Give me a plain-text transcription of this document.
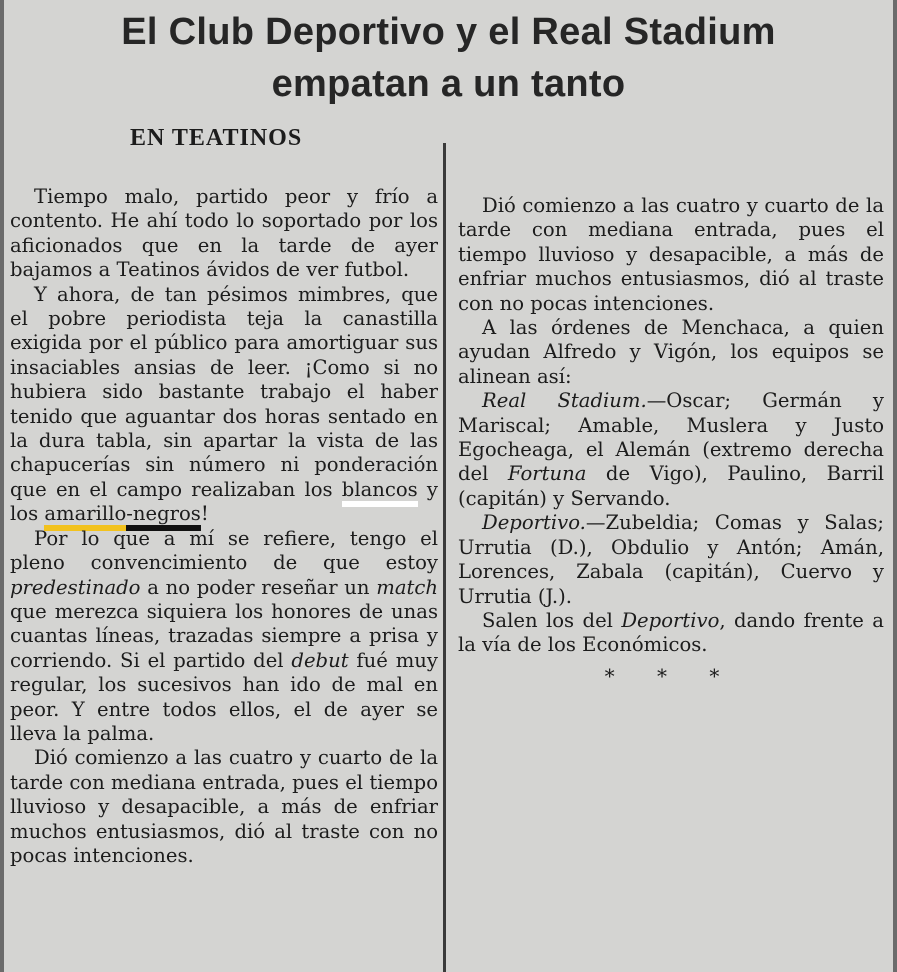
El Club Deportivo y el Real Stadium
empatan a un tanto
EN TEATINOS

Tiempo malo, partido peor y frío a contento. He ahí todo lo soportado por los aficionados que en la tarde de ayer bajamos a Teatinos ávidos de ver futbol.

Y ahora, de tan pésimos mimbres, que el pobre periodista teja la canastilla exigida por el público para amortiguar sus insaciables ansias de leer. ¡Como si no hubiera sido bastante trabajo el haber tenido que aguantar dos horas sentado en la dura tabla, sin apartar la vista de las chapucerías sin número ni ponderación que en el campo realizaban los blancos y los amarillo-negros!

Por lo que a mí se refiere, tengo el pleno convencimiento de que estoy predestinado a no poder reseñar un match que merezca siquiera los honores de unas cuantas líneas, trazadas siempre a prisa y corriendo. Si el partido del debut fué muy regular, los sucesivos han ido de mal en peor. Y entre todos ellos, el de ayer se lleva la palma.

Dió comienzo a las cuatro y cuarto de la tarde con mediana entrada, pues el tiempo lluvioso y desapacible, a más de enfriar muchos entusiasmos, dió al traste con no pocas intenciones.

Dió comienzo a las cuatro y cuarto de la tarde con mediana entrada, pues el tiempo lluvioso y desapacible, a más de enfriar muchos entusiasmos, dió al traste con no pocas intenciones.

A las órdenes de Menchaca, a quien ayudan Alfredo y Vigón, los equipos se alinean así:

Real Stadium.—Oscar; Germán y Mariscal; Amable, Muslera y Justo Egocheaga, el Alemán (extremo derecha del Fortuna de Vigo), Paulino, Barril (capitán) y Servando.

Deportivo.—Zubeldia; Comas y Salas; Urrutia (D.), Obdulio y Antón; Amán, Lorences, Zabala (capitán), Cuervo y Urrutia (J.).

Salen los del Deportivo, dando frente a la vía de los Económicos.

* * *
